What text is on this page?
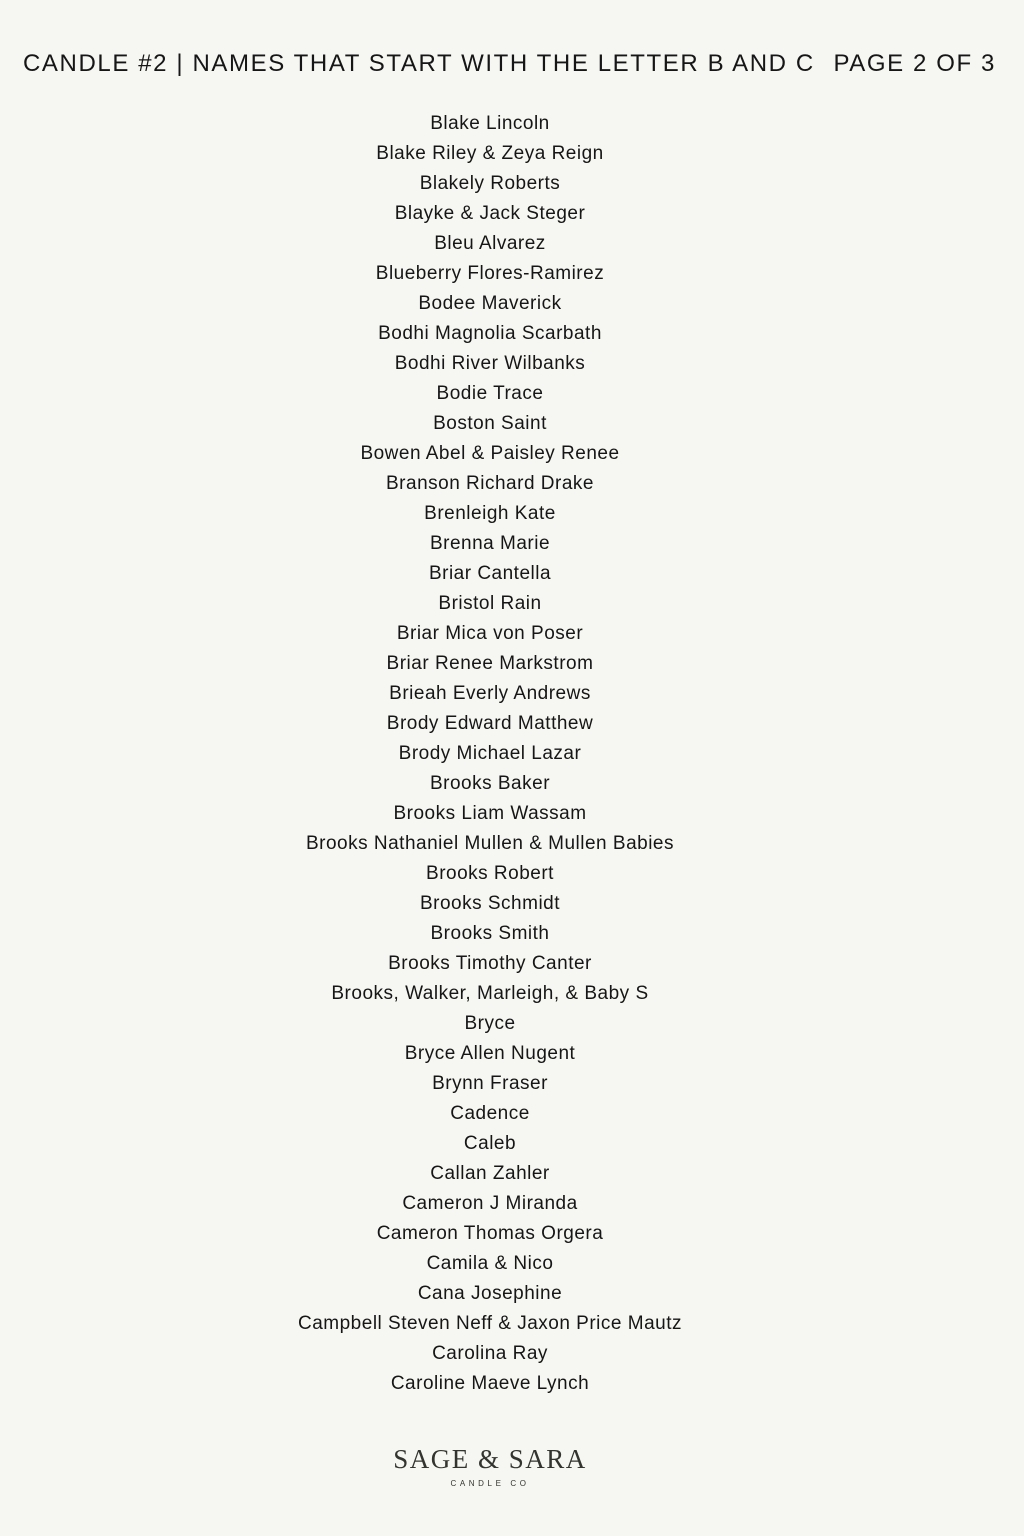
CANDLE #2 | NAMES THAT START WITH THE LETTER B AND C PAGE 2 OF 3
Blake Lincoln
Blake Riley & Zeya Reign
Blakely Roberts
Blayke & Jack Steger
Bleu Alvarez
Blueberry Flores-Ramirez
Bodee Maverick
Bodhi Magnolia Scarbath
Bodhi River Wilbanks
Bodie Trace
Boston Saint
Bowen Abel & Paisley Renee
Branson Richard Drake
Brenleigh Kate
Brenna Marie
Briar Cantella
Bristol Rain
Briar Mica von Poser
Briar Renee Markstrom
Brieah Everly Andrews
Brody Edward Matthew
Brody Michael Lazar
Brooks Baker
Brooks Liam Wassam
Brooks Nathaniel Mullen & Mullen Babies
Brooks Robert
Brooks Schmidt
Brooks Smith
Brooks Timothy Canter
Brooks, Walker, Marleigh, & Baby S
Bryce
Bryce Allen Nugent
Brynn Fraser
Cadence
Caleb
Callan Zahler
Cameron J Miranda
Cameron Thomas Orgera
Camila & Nico
Cana Josephine
Campbell Steven Neff & Jaxon Price Mautz
Carolina Ray
Caroline Maeve Lynch
SAGE & SARA
CANDLE CO
